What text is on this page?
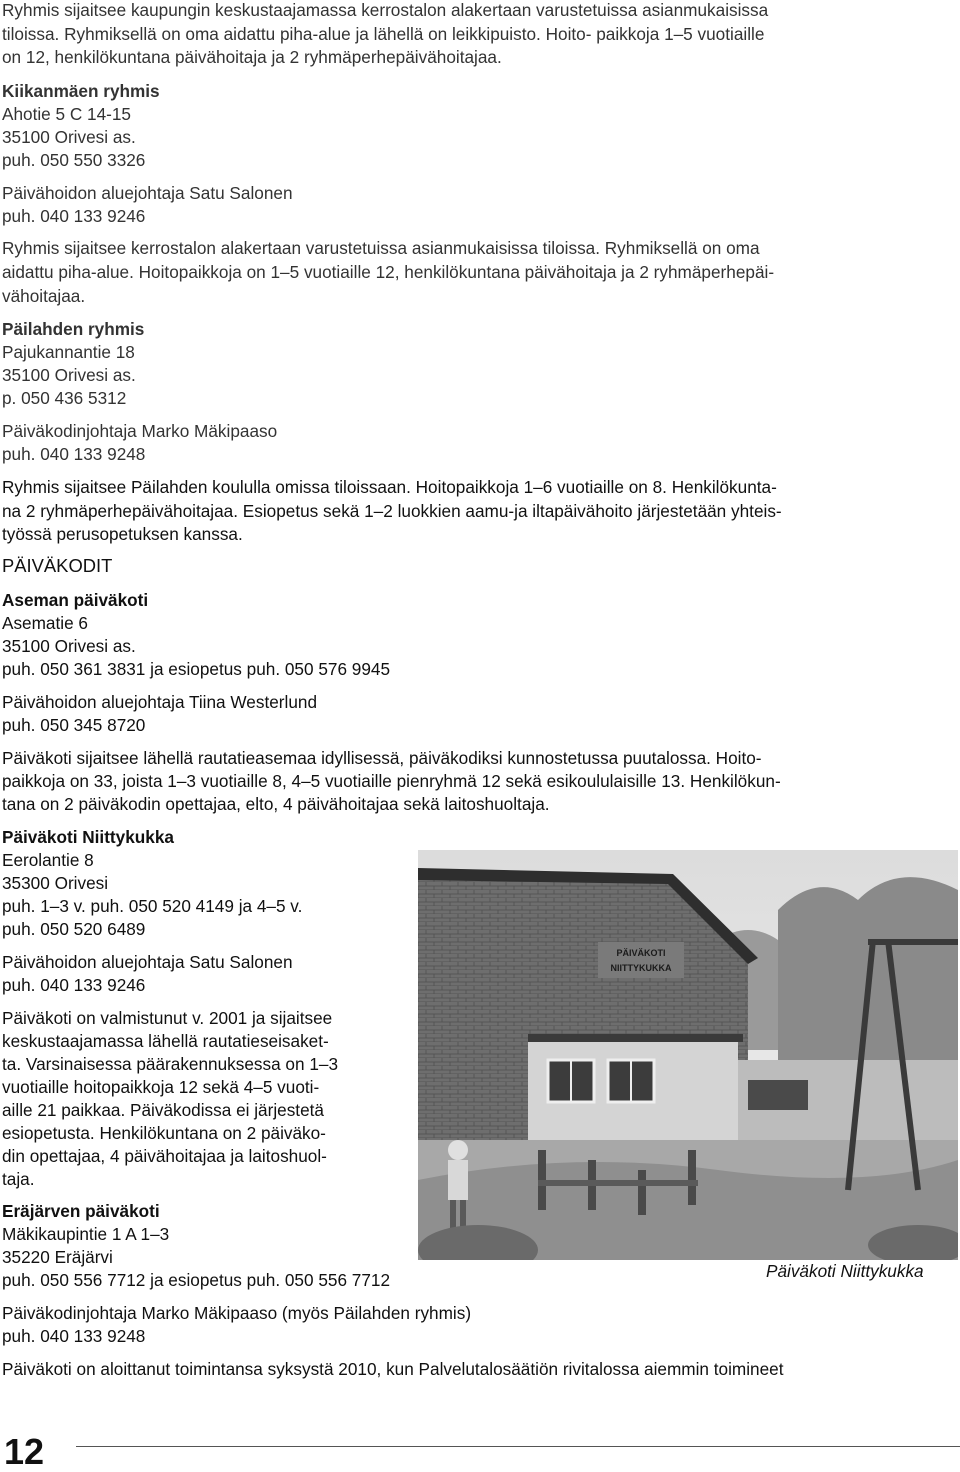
Ryhmis sijaitsee kaupungin keskustaajamassa kerrostalon alakertaan varustetuissa asianmukaisissa
tiloissa. Ryhmiksellä on oma aidattu piha-alue ja lähellä on leikkipuisto. Hoito- paikkoja 1–5 vuotiaille
on 12, henkilökuntana päivähoitaja ja 2 ryhmäperhepäivähoitajaa.
Kiikanmäen ryhmis
Ahotie 5 C 14-15
35100 Orivesi as.
puh. 050 550 3326
Päivähoidon aluejohtaja Satu Salonen
puh. 040 133 9246
Ryhmis sijaitsee kerrostalon alakertaan varustetuissa asianmukaisissa tiloissa. Ryhmiksellä on oma
aidattu piha-alue. Hoitopaikkoja on 1–5 vuotiaille 12, henkilökuntana päivähoitaja ja 2 ryhmäperhepäi-
vähoitajaa.
Päilahden ryhmis
Pajukannantie 18
35100 Orivesi as.
p. 050 436 5312
Päiväkodinjohtaja Marko Mäkipaaso
puh. 040 133 9248
Ryhmis sijaitsee Päilahden koululla omissa tiloissaan. Hoitopaikkoja 1–6 vuotiaille on 8. Henkilökunta-
na 2 ryhmäperhepäivähoitajaa. Esiopetus sekä 1–2 luokkien aamu-ja iltapäivähoito järjestetään yhteis-
työssä perusopetuksen kanssa.
PÄIVÄKODIT
Aseman päiväkoti
Asematie 6
35100 Orivesi as.
puh. 050 361 3831 ja esiopetus puh. 050 576 9945
Päivähoidon aluejohtaja Tiina Westerlund
puh. 050 345 8720
Päiväkoti sijaitsee lähellä rautatieasemaa idyllisessä, päiväkodiksi kunnostetussa puutalossa. Hoito-
paikkoja on 33, joista 1–3 vuotiaille 8, 4–5 vuotiaille pienryhmä 12 sekä esikoululaisille 13. Henkilökun-
tana on 2 päiväkodin opettajaa, elto, 4 päivähoitajaa sekä laitoshuoltaja.
Päiväkoti Niittykukka
Eerolantie 8
35300 Orivesi
puh. 1–3 v. puh. 050 520 4149 ja 4–5 v.
puh. 050 520 6489
Päivähoidon aluejohtaja Satu Salonen
puh. 040 133 9246
Päiväkoti on valmistunut v. 2001 ja sijaitsee
keskustaajamassa lähellä rautatieseisaket-
ta. Varsinaisessa päärakennuksessa on 1–3
vuotiaille hoitopaikkoja 12 sekä 4–5 vuoti-
aille 21 paikkaa. Päiväkodissa ei järjestetä
esiopetusta. Henkilökuntana on 2 päiväko-
din opettajaa, 4 päivähoitajaa ja laitoshuol-
taja.
Eräjärven päiväkoti
Mäkikaupintie 1 A 1–3
35220 Eräjärvi
puh. 050 556 7712 ja esiopetus puh. 050 556 7712
Päiväkodinjohtaja Marko Mäkipaaso (myös Päilahden ryhmis)
puh. 040 133 9248
Päiväkoti on aloittanut toimintansa syksystä 2010, kun Palvelutalosäätiön rivitalossa aiemmin toimineet
PÄIVÄKOTI
NIITTYKUKKA
Päiväkoti Niittykukka
12
